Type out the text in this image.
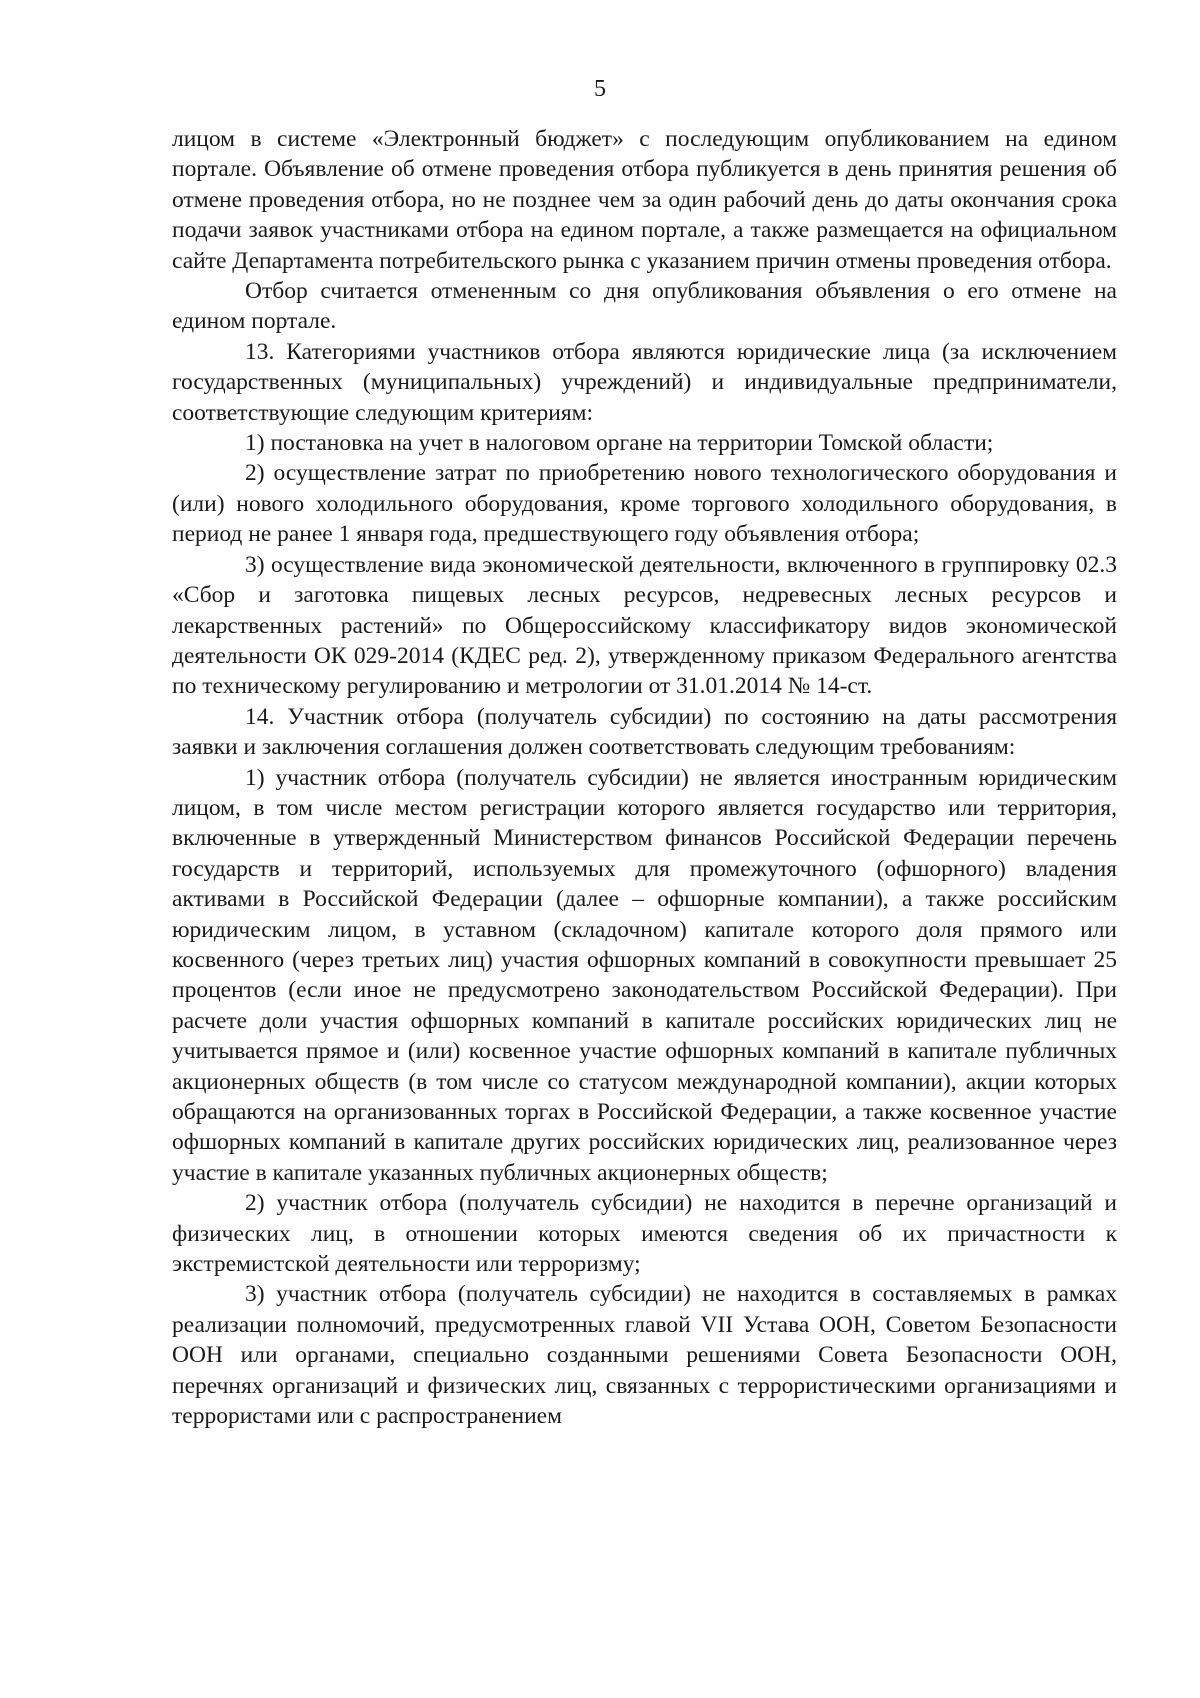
5

лицом в системе «Электронный бюджет» с последующим опубликованием на едином портале. Объявление об отмене проведения отбора публикуется в день принятия решения об отмене проведения отбора, но не позднее чем за один рабочий день до даты окончания срока подачи заявок участниками отбора на едином портале, а также размещается на официальном сайте Департамента потребительского рынка с указанием причин отмены проведения отбора.

Отбор считается отмененным со дня опубликования объявления о его отмене на едином портале.

13. Категориями участников отбора являются юридические лица (за исключением государственных (муниципальных) учреждений) и индивидуальные предприниматели, соответствующие следующим критериям:

1) постановка на учет в налоговом органе на территории Томской области;

2) осуществление затрат по приобретению нового технологического оборудования и (или) нового холодильного оборудования, кроме торгового холодильного оборудования, в период не ранее 1 января года, предшествующего году объявления отбора;

3) осуществление вида экономической деятельности, включенного в группировку 02.3 «Сбор и заготовка пищевых лесных ресурсов, недревесных лесных ресурсов и лекарственных растений» по Общероссийскому классификатору видов экономической деятельности ОК 029-2014 (КДЕС ред. 2), утвержденному приказом Федерального агентства по техническому регулированию и метрологии от 31.01.2014 № 14-ст.

14. Участник отбора (получатель субсидии) по состоянию на даты рассмотрения заявки и заключения соглашения должен соответствовать следующим требованиям:

1) участник отбора (получатель субсидии) не является иностранным юридическим лицом, в том числе местом регистрации которого является государство или территория, включенные в утвержденный Министерством финансов Российской Федерации перечень государств и территорий, используемых для промежуточного (офшорного) владения активами в Российской Федерации (далее – офшорные компании), а также российским юридическим лицом, в уставном (складочном) капитале которого доля прямого или косвенного (через третьих лиц) участия офшорных компаний в совокупности превышает 25 процентов (если иное не предусмотрено законодательством Российской Федерации). При расчете доли участия офшорных компаний в капитале российских юридических лиц не учитывается прямое и (или) косвенное участие офшорных компаний в капитале публичных акционерных обществ (в том числе со статусом международной компании), акции которых обращаются на организованных торгах в Российской Федерации, а также косвенное участие офшорных компаний в капитале других российских юридических лиц, реализованное через участие в капитале указанных публичных акционерных обществ;

2) участник отбора (получатель субсидии) не находится в перечне организаций и физических лиц, в отношении которых имеются сведения об их причастности к экстремистской деятельности или терроризму;

3) участник отбора (получатель субсидии) не находится в составляемых в рамках реализации полномочий, предусмотренных главой VII Устава ООН, Советом Безопасности ООН или органами, специально созданными решениями Совета Безопасности ООН, перечнях организаций и физических лиц, связанных с террористическими организациями и террористами или с распространением
